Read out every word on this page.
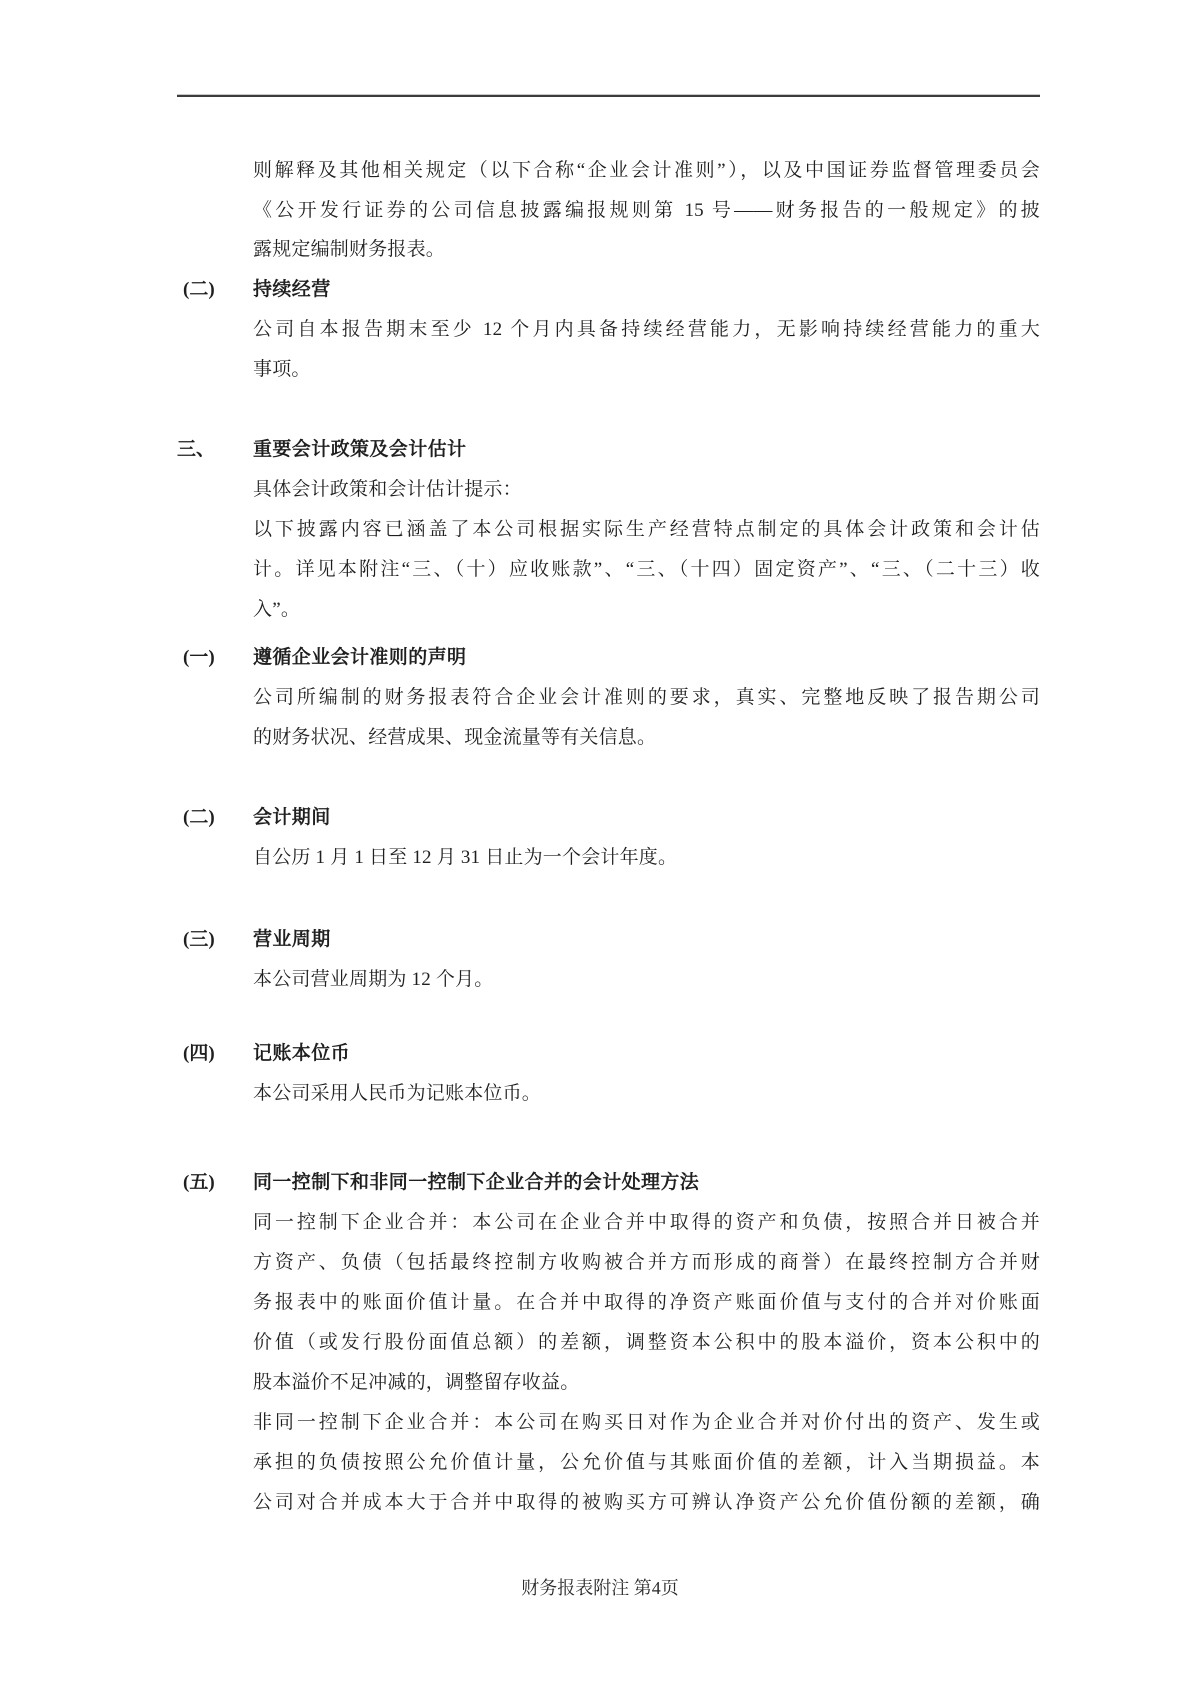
则解释及其他相关规定（以下合称“企业会计准则”），以及中国证券监督管理委员会
《公开发行证券的公司信息披露编报规则第 15 号——财务报告的一般规定》的披
露规定编制财务报表。
(二) 持续经营
公司自本报告期末至少 12 个月内具备持续经营能力，无影响持续经营能力的重大
事项。
三、 重要会计政策及会计估计
具体会计政策和会计估计提示：
以下披露内容已涵盖了本公司根据实际生产经营特点制定的具体会计政策和会计估
计。详见本附注“三、（十）应收账款”、“三、（十四）固定资产”、“三、（二十三）收
入”。
(一) 遵循企业会计准则的声明
公司所编制的财务报表符合企业会计准则的要求，真实、完整地反映了报告期公司
的财务状况、经营成果、现金流量等有关信息。
(二) 会计期间
自公历 1 月 1 日至 12 月 31 日止为一个会计年度。
(三) 营业周期
本公司营业周期为 12 个月。
(四) 记账本位币
本公司采用人民币为记账本位币。
(五) 同一控制下和非同一控制下企业合并的会计处理方法
同一控制下企业合并：本公司在企业合并中取得的资产和负债，按照合并日被合并
方资产、负债（包括最终控制方收购被合并方而形成的商誉）在最终控制方合并财
务报表中的账面价值计量。在合并中取得的净资产账面价值与支付的合并对价账面
价值（或发行股份面值总额）的差额，调整资本公积中的股本溢价，资本公积中的
股本溢价不足冲减的，调整留存收益。
非同一控制下企业合并：本公司在购买日对作为企业合并对价付出的资产、发生或
承担的负债按照公允价值计量，公允价值与其账面价值的差额，计入当期损益。本
公司对合并成本大于合并中取得的被购买方可辨认净资产公允价值份额的差额，确
财务报表附注 第4页
